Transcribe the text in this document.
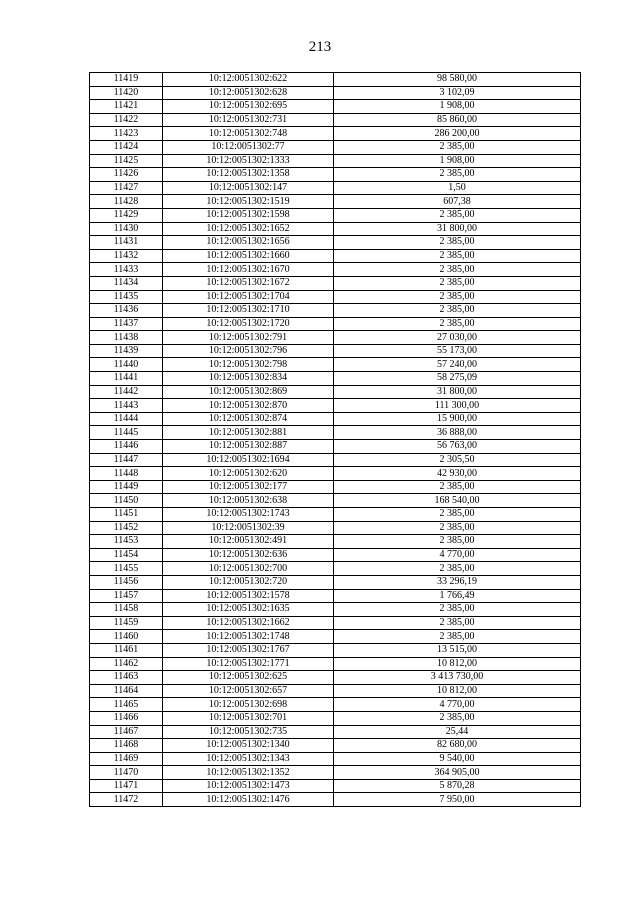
213
11419	10:12:0051302:622	98 580,00
11420	10:12:0051302:628	3 102,09
11421	10:12:0051302:695	1 908,00
11422	10:12:0051302:731	85 860,00
11423	10:12:0051302:748	286 200,00
11424	10:12:0051302:77	2 385,00
11425	10:12:0051302:1333	1 908,00
11426	10:12:0051302:1358	2 385,00
11427	10:12:0051302:147	1,50
11428	10:12:0051302:1519	607,38
11429	10:12:0051302:1598	2 385,00
11430	10:12:0051302:1652	31 800,00
11431	10:12:0051302:1656	2 385,00
11432	10:12:0051302:1660	2 385,00
11433	10:12:0051302:1670	2 385,00
11434	10:12:0051302:1672	2 385,00
11435	10:12:0051302:1704	2 385,00
11436	10:12:0051302:1710	2 385,00
11437	10:12:0051302:1720	2 385,00
11438	10:12:0051302:791	27 030,00
11439	10:12:0051302:796	55 173,00
11440	10:12:0051302:798	57 240,00
11441	10:12:0051302:834	58 275,09
11442	10:12:0051302:869	31 800,00
11443	10:12:0051302:870	111 300,00
11444	10:12:0051302:874	15 900,00
11445	10:12:0051302:881	36 888,00
11446	10:12:0051302:887	56 763,00
11447	10:12:0051302:1694	2 305,50
11448	10:12:0051302:620	42 930,00
11449	10:12:0051302:177	2 385,00
11450	10:12:0051302:638	168 540,00
11451	10:12:0051302:1743	2 385,00
11452	10:12:0051302:39	2 385,00
11453	10:12:0051302:491	2 385,00
11454	10:12:0051302:636	4 770,00
11455	10:12:0051302:700	2 385,00
11456	10:12:0051302:720	33 296,19
11457	10:12:0051302:1578	1 766,49
11458	10:12:0051302:1635	2 385,00
11459	10:12:0051302:1662	2 385,00
11460	10:12:0051302:1748	2 385,00
11461	10:12:0051302:1767	13 515,00
11462	10:12:0051302:1771	10 812,00
11463	10:12:0051302:625	3 413 730,00
11464	10:12:0051302:657	10 812,00
11465	10:12:0051302:698	4 770,00
11466	10:12:0051302:701	2 385,00
11467	10:12:0051302:735	25,44
11468	10:12:0051302:1340	82 680,00
11469	10:12:0051302:1343	9 540,00
11470	10:12:0051302:1352	364 905,00
11471	10:12:0051302:1473	5 870,28
11472	10:12:0051302:1476	7 950,00
